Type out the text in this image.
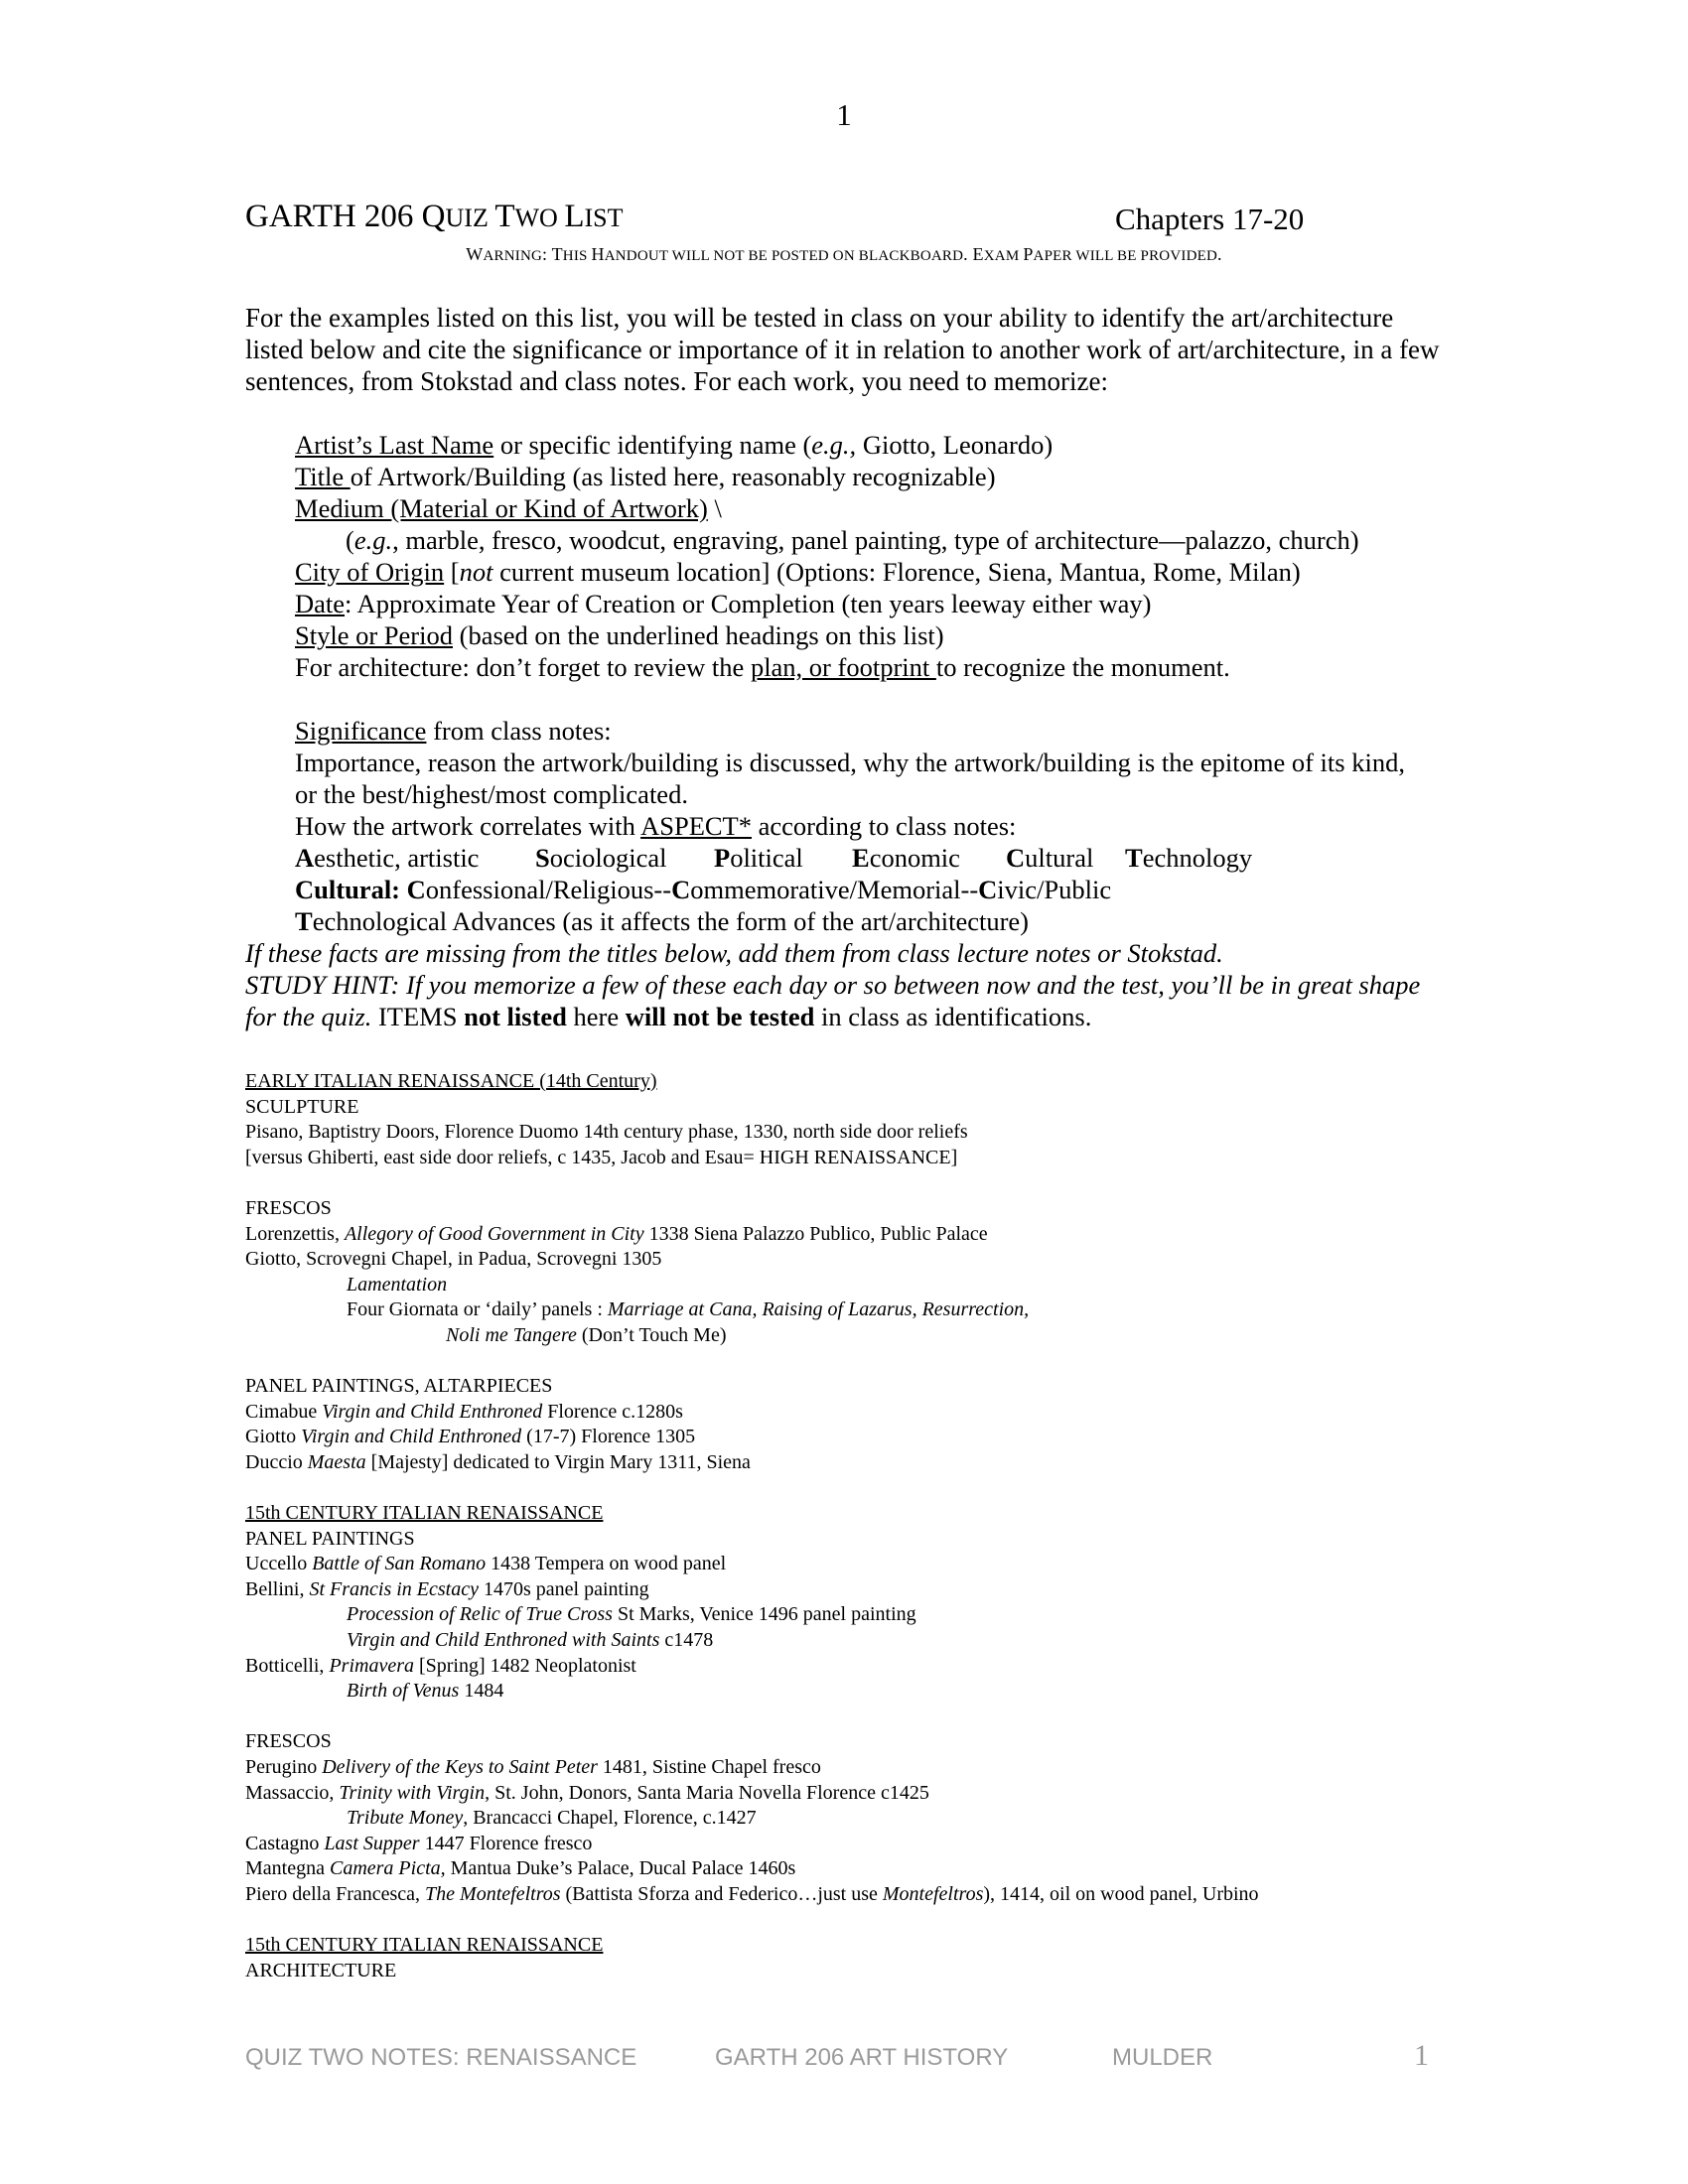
1
GARTH 206 QUIZ TWO LIST	Chapters 17-20
WARNING: THIS HANDOUT WILL NOT BE POSTED ON BLACKBOARD. EXAM PAPER WILL BE PROVIDED.
For the examples listed on this list, you will be tested in class on your ability to identify the art/architecture listed below and cite the significance or importance of it in relation to another work of art/architecture, in a few sentences, from Stokstad and class notes. For each work, you need to memorize:
Artist’s Last Name or specific identifying name (e.g., Giotto, Leonardo)
Title of Artwork/Building (as listed here, reasonably recognizable)
Medium (Material or Kind of Artwork) \
(e.g., marble, fresco, woodcut, engraving, panel painting, type of architecture—palazzo, church)
City of Origin [not current museum location] (Options: Florence, Siena, Mantua, Rome, Milan)
Date: Approximate Year of Creation or Completion (ten years leeway either way)
Style or Period (based on the underlined headings on this list)
For architecture: don’t forget to review the plan, or footprint to recognize the monument.
Significance from class notes:
Importance, reason the artwork/building is discussed, why the artwork/building is the epitome of its kind, or the best/highest/most complicated.
How the artwork correlates with ASPECT* according to class notes:
Aesthetic, artistic Sociological Political Economic Cultural Technology
Cultural: Confessional/Religious--Commemorative/Memorial--Civic/Public
Technological Advances (as it affects the form of the art/architecture)
If these facts are missing from the titles below, add them from class lecture notes or Stokstad.
STUDY HINT: If you memorize a few of these each day or so between now and the test, you’ll be in great shape for the quiz. ITEMS not listed here will not be tested in class as identifications.
EARLY ITALIAN RENAISSANCE (14th Century)
SCULPTURE
Pisano, Baptistry Doors, Florence Duomo 14th century phase, 1330, north side door reliefs
[versus Ghiberti, east side door reliefs, c 1435, Jacob and Esau= HIGH RENAISSANCE]
FRESCOS
Lorenzettis, Allegory of Good Government in City 1338 Siena Palazzo Publico, Public Palace
Giotto, Scrovegni Chapel, in Padua, Scrovegni 1305
Lamentation
Four Giornata or ‘daily’ panels : Marriage at Cana, Raising of Lazarus, Resurrection,
Noli me Tangere (Don’t Touch Me)
PANEL PAINTINGS, ALTARPIECES
Cimabue Virgin and Child Enthroned Florence c.1280s
Giotto Virgin and Child Enthroned (17-7) Florence 1305
Duccio Maesta [Majesty] dedicated to Virgin Mary 1311, Siena
15th CENTURY ITALIAN RENAISSANCE
PANEL PAINTINGS
Uccello Battle of San Romano 1438 Tempera on wood panel
Bellini, St Francis in Ecstacy 1470s panel painting
Procession of Relic of True Cross St Marks, Venice 1496 panel painting
Virgin and Child Enthroned with Saints c1478
Botticelli, Primavera [Spring] 1482 Neoplatonist
Birth of Venus 1484
FRESCOS
Perugino Delivery of the Keys to Saint Peter 1481, Sistine Chapel fresco
Massaccio, Trinity with Virgin, St. John, Donors, Santa Maria Novella Florence c1425
Tribute Money, Brancacci Chapel, Florence, c.1427
Castagno Last Supper 1447 Florence fresco
Mantegna Camera Picta, Mantua Duke’s Palace, Ducal Palace 1460s
Piero della Francesca, The Montefeltros (Battista Sforza and Federico…just use Montefeltros), 1414, oil on wood panel, Urbino
15th CENTURY ITALIAN RENAISSANCE
ARCHITECTURE
QUIZ TWO NOTES: RENAISSANCE	GARTH 206 ART HISTORY	MULDER	1
